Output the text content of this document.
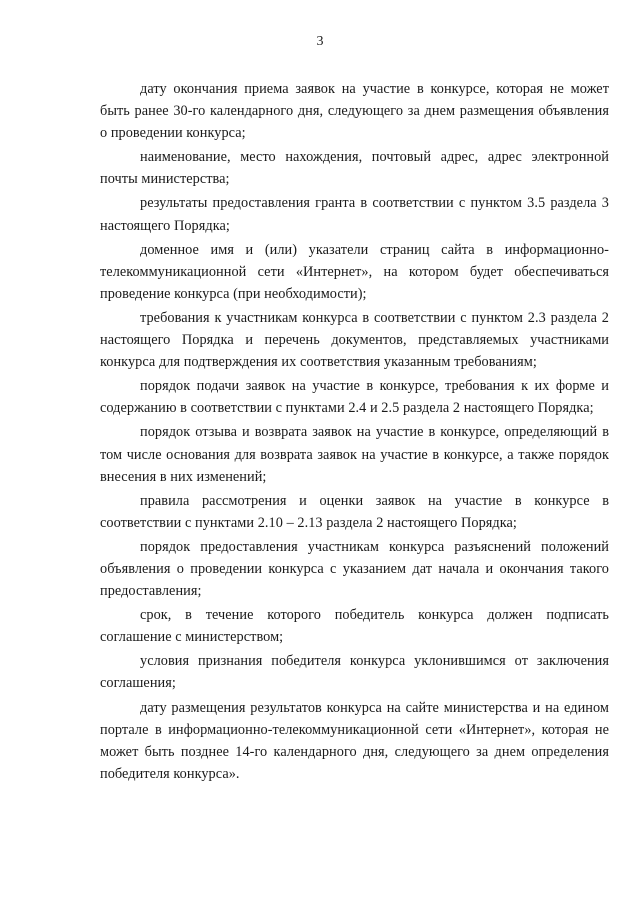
3

дату окончания приема заявок на участие в конкурсе, которая не может быть ранее 30-го календарного дня, следующего за днем размещения объявления о проведении конкурса;

наименование, место нахождения, почтовый адрес, адрес электронной почты министерства;

результаты предоставления гранта в соответствии с пунктом 3.5 раздела 3 настоящего Порядка;

доменное имя и (или) указатели страниц сайта в информационно-телекоммуникационной сети «Интернет», на котором будет обеспечиваться проведение конкурса (при необходимости);

требования к участникам конкурса в соответствии с пунктом 2.3 раздела 2 настоящего Порядка и перечень документов, представляемых участниками конкурса для подтверждения их соответствия указанным требованиям;

порядок подачи заявок на участие в конкурсе, требования к их форме и содержанию в соответствии с пунктами 2.4 и 2.5 раздела 2 настоящего Порядка;

порядок отзыва и возврата заявок на участие в конкурсе, определяющий в том числе основания для возврата заявок на участие в конкурсе, а также порядок внесения в них изменений;

правила рассмотрения и оценки заявок на участие в конкурсе в соответствии с пунктами 2.10 – 2.13 раздела 2 настоящего Порядка;

порядок предоставления участникам конкурса разъяснений положений объявления о проведении конкурса с указанием дат начала и окончания такого предоставления;

срок, в течение которого победитель конкурса должен подписать соглашение с министерством;

условия признания победителя конкурса уклонившимся от заключения соглашения;

дату размещения результатов конкурса на сайте министерства и на едином портале в информационно-телекоммуникационной сети «Интернет», которая не может быть позднее 14-го календарного дня, следующего за днем определения победителя конкурса».
